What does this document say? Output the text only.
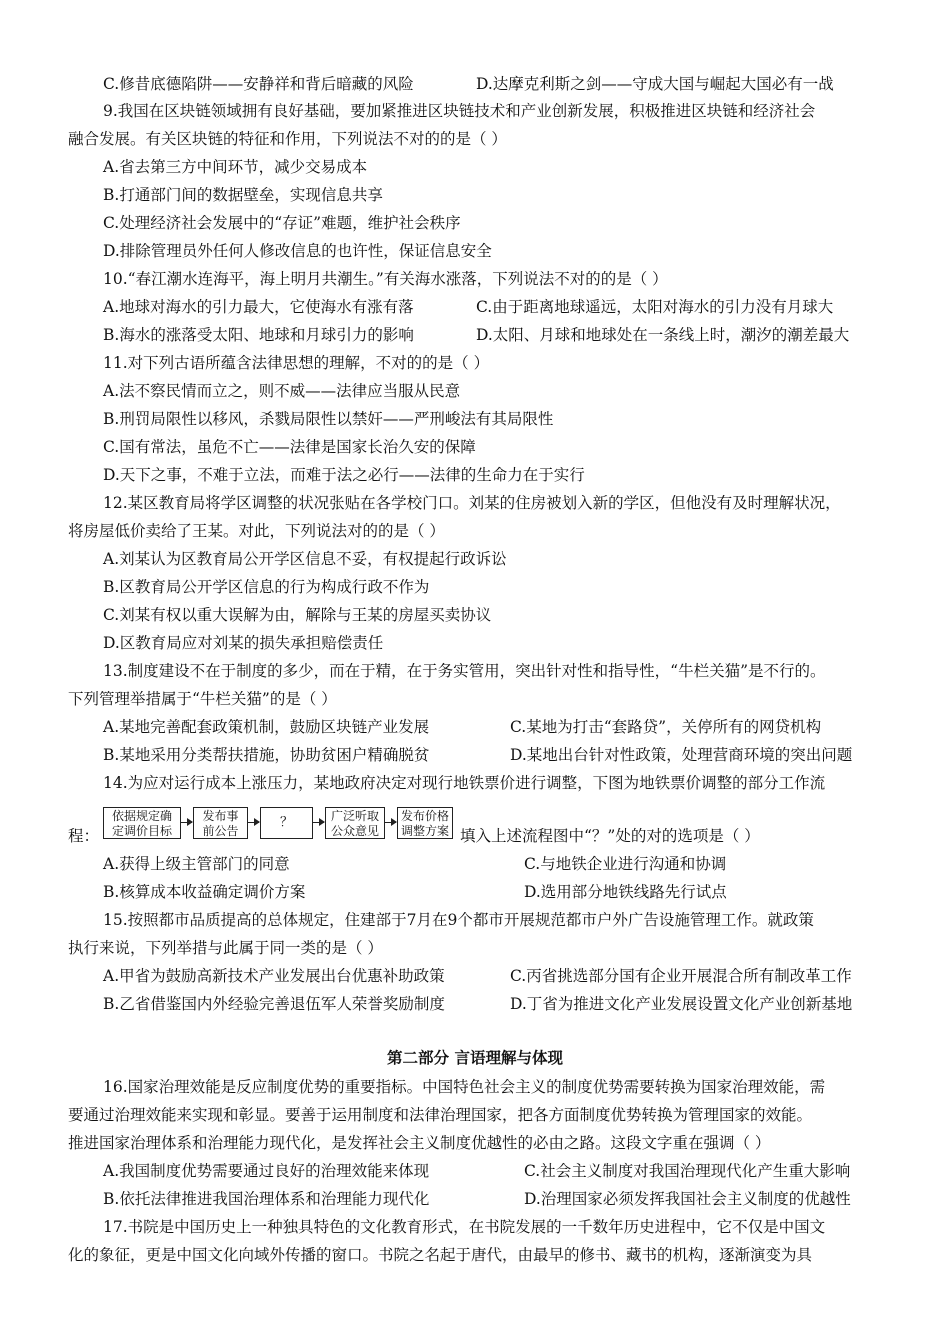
C.修昔底德陷阱——安静祥和背后暗藏的风险	D.达摩克利斯之剑——守成大国与崛起大国必有一战
9.我国在区块链领域拥有良好基础，要加紧推进区块链技术和产业创新发展，积极推进区块链和经济社会
融合发展。有关区块链的特征和作用，下列说法不对的的是（ ）
A.省去第三方中间环节，减少交易成本
B.打通部门间的数据壁垒，实现信息共享
C.处理经济社会发展中的“存证”难题，维护社会秩序
D.排除管理员外任何人修改信息的也许性，保证信息安全
10.“春江潮水连海平，海上明月共潮生。”有关海水涨落，下列说法不对的的是（ ）
A.地球对海水的引力最大，它使海水有涨有落	C.由于距离地球遥远，太阳对海水的引力没有月球大
B.海水的涨落受太阳、地球和月球引力的影响	D.太阳、月球和地球处在一条线上时，潮汐的潮差最大
11.对下列古语所蕴含法律思想的理解，不对的的是（ ）
A.法不察民情而立之，则不威——法律应当服从民意
B.刑罚局限性以移风，杀戮局限性以禁奸——严刑峻法有其局限性
C.国有常法，虽危不亡——法律是国家长治久安的保障
D.天下之事，不难于立法，而难于法之必行——法律的生命力在于实行
12.某区教育局将学区调整的状况张贴在各学校门口。刘某的住房被划入新的学区，但他没有及时理解状况，
将房屋低价卖给了王某。对此，下列说法对的的是（ ）
A.刘某认为区教育局公开学区信息不妥，有权提起行政诉讼
B.区教育局公开学区信息的行为构成行政不作为
C.刘某有权以重大误解为由，解除与王某的房屋买卖协议
D.区教育局应对刘某的损失承担赔偿责任
13.制度建设不在于制度的多少，而在于精，在于务实管用，突出针对性和指导性，“牛栏关猫”是不行的。
下列管理举措属于“牛栏关猫”的是（ ）
A.某地完善配套政策机制，鼓励区块链产业发展	C.某地为打击“套路贷”，关停所有的网贷机构
B.某地采用分类帮扶措施，协助贫困户精确脱贫	D.某地出台针对性政策，处理营商环境的突出问题
14.为应对运行成本上涨压力，某地政府决定对现行地铁票价进行调整，下图为地铁票价调整的部分工作流
程：
依据规定确
定调价目标
发布事
前公告
？	广泛听取
公众意见
发布价格
调整方案 填入上述流程图中“？”处的对的选项是（ ）
A.获得上级主管部门的同意	C.与地铁企业进行沟通和协调
B.核算成本收益确定调价方案	D.选用部分地铁线路先行试点
15.按照都市品质提高的总体规定，住建部于7月在9个都市开展规范都市户外广告设施管理工作。就政策
执行来说，下列举措与此属于同一类的是（ ）
A.甲省为鼓励高新技术产业发展出台优惠补助政策	C.丙省挑选部分国有企业开展混合所有制改革工作
B.乙省借鉴国内外经验完善退伍军人荣誉奖励制度	D.丁省为推进文化产业发展设置文化产业创新基地
第二部分 言语理解与体现
16.国家治理效能是反应制度优势的重要指标。中国特色社会主义的制度优势需要转换为国家治理效能，需
要通过治理效能来实现和彰显。要善于运用制度和法律治理国家，把各方面制度优势转换为管理国家的效能。
推进国家治理体系和治理能力现代化，是发挥社会主义制度优越性的必由之路。这段文字重在强调（ ）
A.我国制度优势需要通过良好的治理效能来体现	C.社会主义制度对我国治理现代化产生重大影响
B.依托法律推进我国治理体系和治理能力现代化	D.治理国家必须发挥我国社会主义制度的优越性
17.书院是中国历史上一种独具特色的文化教育形式，在书院发展的一千数年历史进程中，它不仅是中国文
化的象征，更是中国文化向域外传播的窗口。书院之名起于唐代，由最早的修书、藏书的机构，逐渐演变为具
